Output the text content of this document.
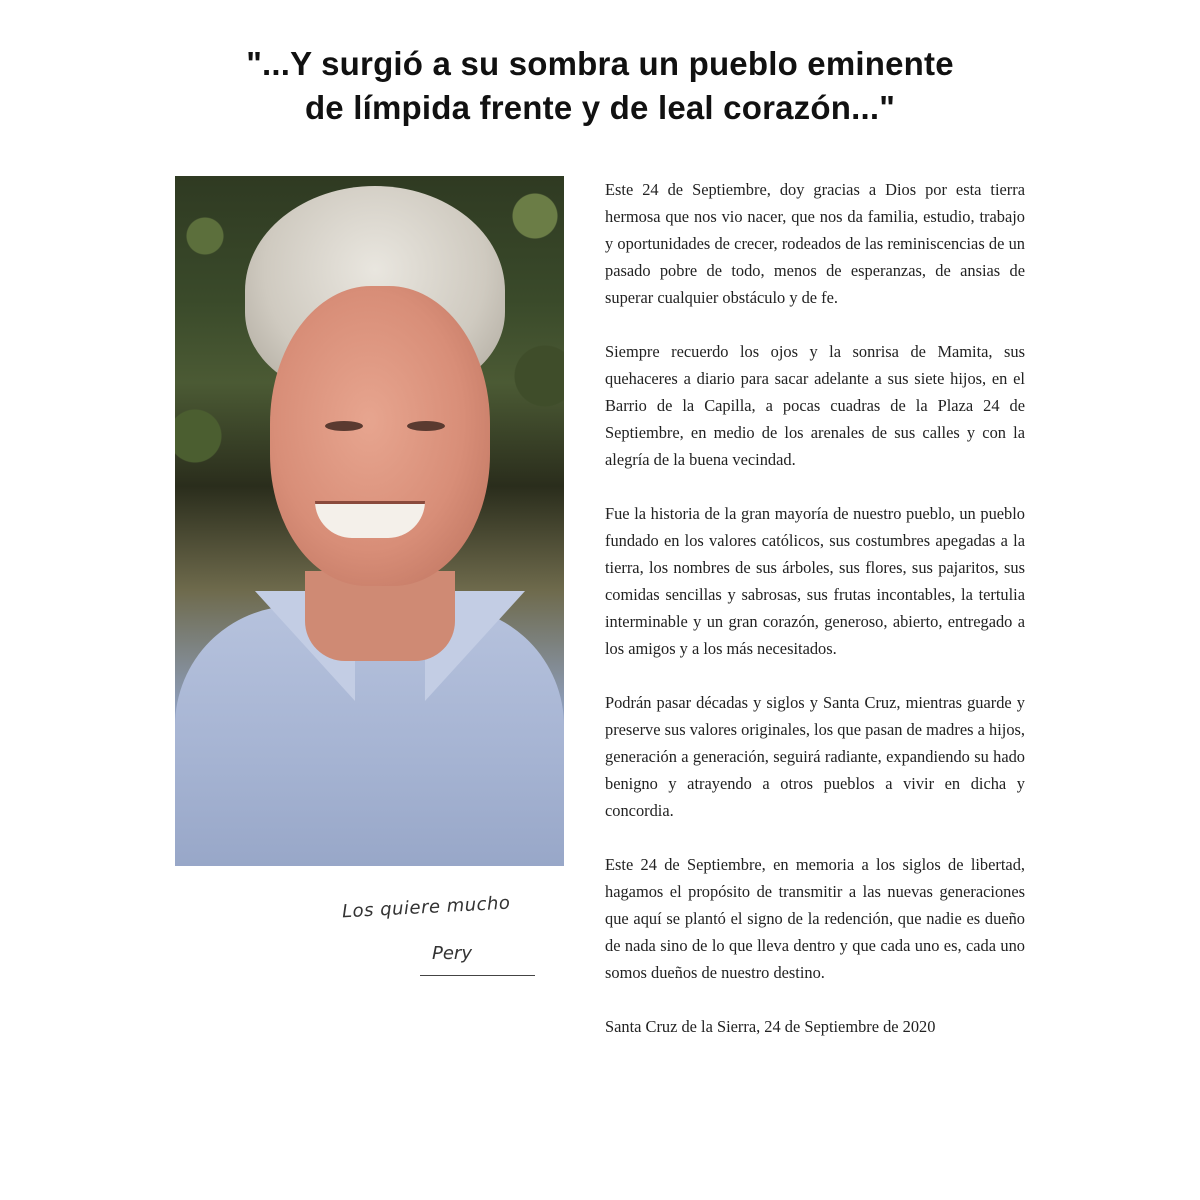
"...Y surgió a su sombra un pueblo eminente
de límpida frente y de leal corazón..."
Los quiere mucho
Pery

Este 24 de Septiembre, doy gracias a Dios por esta tierra hermosa que nos vio nacer, que nos da familia, estudio, trabajo y oportunidades de crecer, rodeados de las reminiscencias de un pasado pobre de todo, menos de esperanzas, de ansias de superar cualquier obstáculo y de fe.

Siempre recuerdo los ojos y la sonrisa de Mamita, sus quehaceres a diario para sacar adelante a sus siete hijos, en el Barrio de la Capilla, a pocas cuadras de la Plaza 24 de Septiembre, en medio de los arenales de sus calles y con la alegría de la buena vecindad.

Fue la historia de la gran mayoría de nuestro pueblo, un pueblo fundado en los valores católicos, sus costumbres apegadas a la tierra, los nombres de sus árboles, sus flores, sus pajaritos, sus comidas sencillas y sabrosas, sus frutas incontables, la tertulia interminable y un gran corazón, generoso, abierto, entregado a los amigos y a los más necesitados.

Podrán pasar décadas y siglos y Santa Cruz, mientras guarde y preserve sus valores originales, los que pasan de madres a hijos, generación a generación, seguirá radiante, expandiendo su hado benigno y atrayendo a otros pueblos a vivir en dicha y concordia.

Este 24 de Septiembre, en memoria a los siglos de libertad, hagamos el propósito de transmitir a las nuevas generaciones que aquí se plantó el signo de la redención, que nadie es dueño de nada sino de lo que lleva dentro y que cada uno es, cada uno somos dueños de nuestro destino.

Santa Cruz de la Sierra, 24 de Septiembre de 2020
